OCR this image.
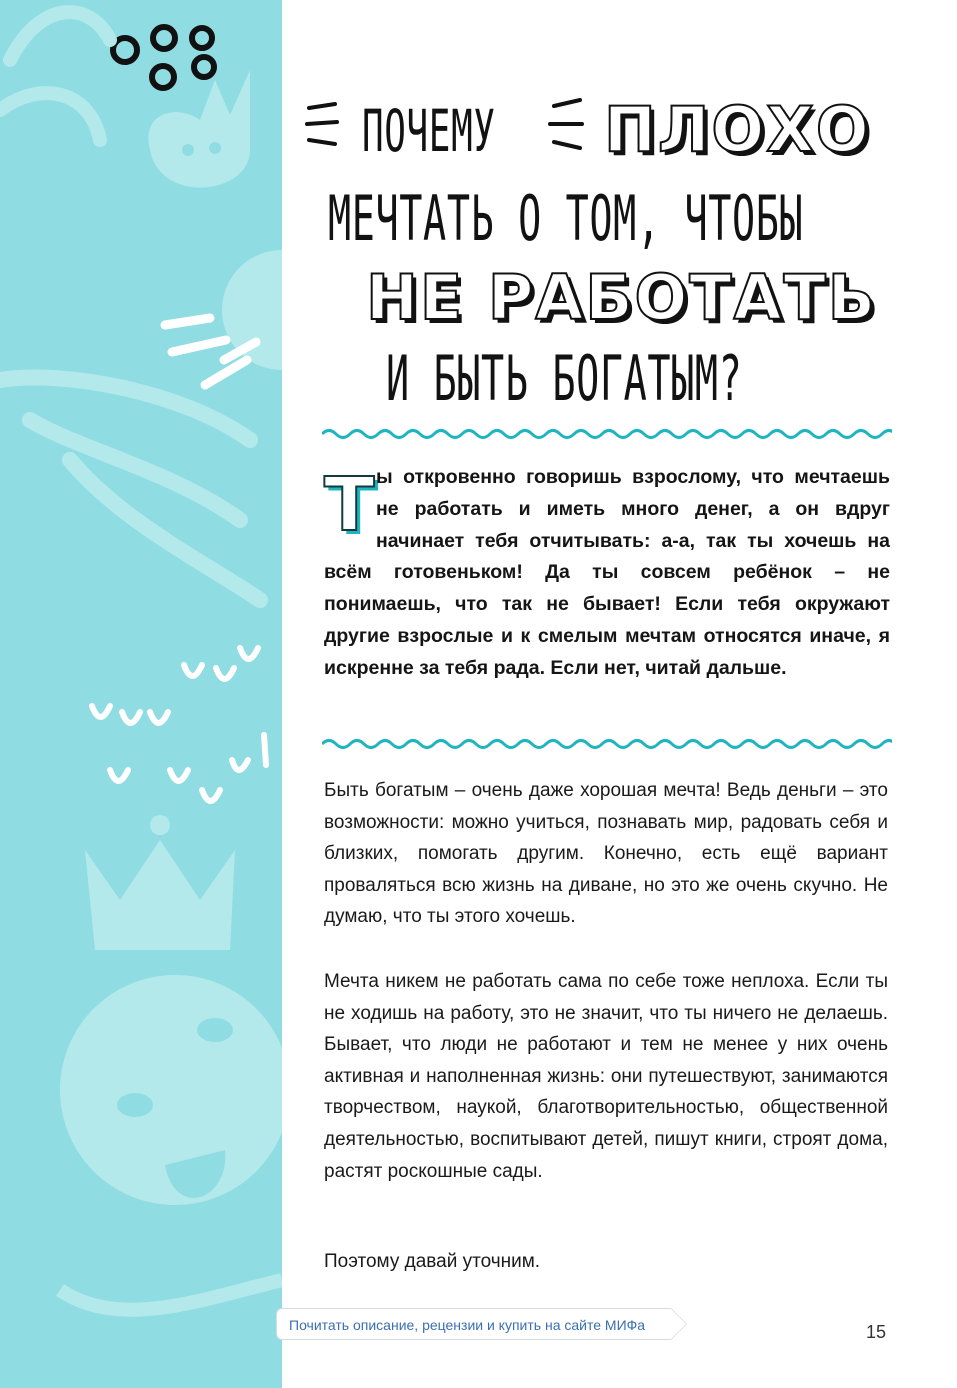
ПОЧЕМУ ПЛОХО
МЕЧТАТЬ О ТОМ, ЧТОБЫ
НЕ РАБОТАТЬ
И БЫТЬ БОГАТЫМ?
Ты откровенно говоришь взрослому, что мечтаешь не работать и иметь много денег, а он вдруг начинает тебя отчитывать: а-а, так ты хочешь на всём готовеньком! Да ты совсем ребёнок – не понимаешь, что так не бывает! Если тебя окружают другие взрослые и к смелым мечтам относятся иначе, я искренне за тебя рада. Если нет, читай дальше.

Быть богатым – очень даже хорошая мечта! Ведь деньги – это возможности: можно учиться, познавать мир, радовать себя и близких, помогать другим. Конечно, есть ещё вариант проваляться всю жизнь на диване, но это же очень скучно. Не думаю, что ты этого хочешь.

Мечта никем не работать сама по себе тоже неплоха. Если ты не ходишь на работу, это не значит, что ты ничего не делаешь. Бывает, что люди не работают и тем не менее у них очень активная и наполненная жизнь: они путешествуют, занимаются творчеством, наукой, благотворительностью, общественной деятельностью, воспитывают детей, пишут книги, строят дома, растят роскошные сады.

Поэтому давай уточним.

Почитать описание, рецензии и купить на сайте МИФа	15
